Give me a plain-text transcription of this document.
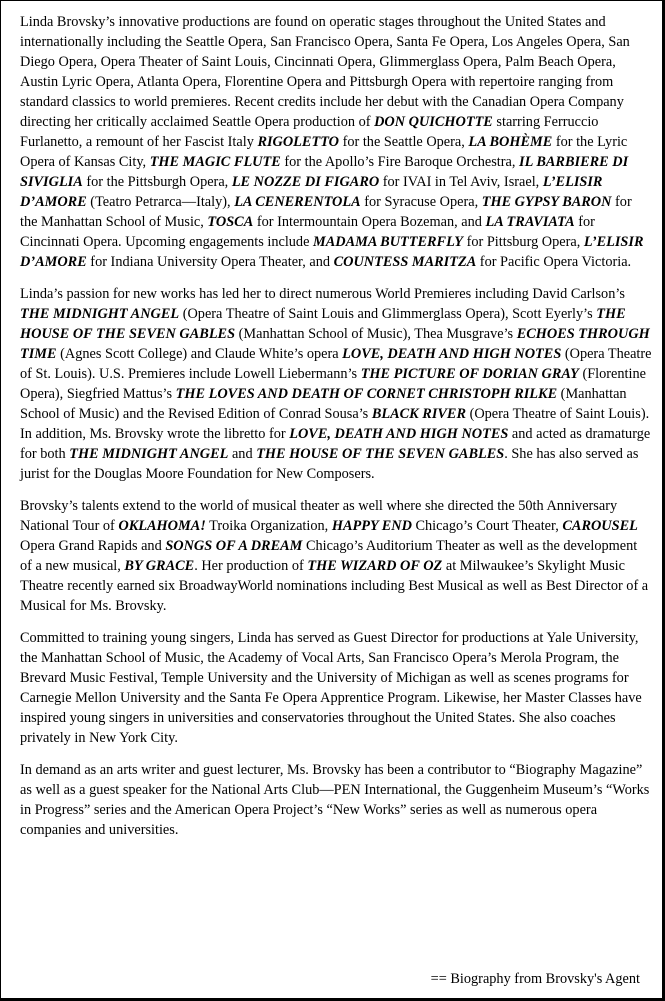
Linda Brovsky’s innovative productions are found on operatic stages throughout the United States and internationally including the Seattle Opera, San Francisco Opera, Santa Fe Opera, Los Angeles Opera, San Diego Opera, Opera Theater of Saint Louis, Cincinnati Opera, Glimmerglass Opera, Palm Beach Opera, Austin Lyric Opera, Atlanta Opera, Florentine Opera and Pittsburgh Opera with repertoire ranging from standard classics to world premieres. Recent credits include her debut with the Canadian Opera Company directing her critically acclaimed Seattle Opera production of DON QUICHOTTE starring Ferruccio Furlanetto, a remount of her Fascist Italy RIGOLETTO for the Seattle Opera, LA BOHÈME for the Lyric Opera of Kansas City, THE MAGIC FLUTE for the Apollo’s Fire Baroque Orchestra, IL BARBIERE DI SIVIGLIA for the Pittsburgh Opera, LE NOZZE DI FIGARO for IVAI in Tel Aviv, Israel, L’ELISIR D’AMORE (Teatro Petrarca—Italy), LA CENERENTOLA for Syracuse Opera, THE GYPSY BARON for the Manhattan School of Music, TOSCA for Intermountain Opera Bozeman, and LA TRAVIATA for Cincinnati Opera. Upcoming engagements include MADAMA BUTTERFLY for Pittsburg Opera, L’ELISIR D’AMORE for Indiana University Opera Theater, and COUNTESS MARITZA for Pacific Opera Victoria.

Linda’s passion for new works has led her to direct numerous World Premieres including David Carlson’s THE MIDNIGHT ANGEL (Opera Theatre of Saint Louis and Glimmerglass Opera), Scott Eyerly’s THE HOUSE OF THE SEVEN GABLES (Manhattan School of Music), Thea Musgrave’s ECHOES THROUGH TIME (Agnes Scott College) and Claude White’s opera LOVE, DEATH AND HIGH NOTES (Opera Theatre of St. Louis). U.S. Premieres include Lowell Liebermann’s THE PICTURE OF DORIAN GRAY (Florentine Opera), Siegfried Mattus’s THE LOVES AND DEATH OF CORNET CHRISTOPH RILKE (Manhattan School of Music) and the Revised Edition of Conrad Sousa’s BLACK RIVER (Opera Theatre of Saint Louis). In addition, Ms. Brovsky wrote the libretto for LOVE, DEATH AND HIGH NOTES and acted as dramaturge for both THE MIDNIGHT ANGEL and THE HOUSE OF THE SEVEN GABLES. She has also served as jurist for the Douglas Moore Foundation for New Composers.

Brovsky’s talents extend to the world of musical theater as well where she directed the 50th Anniversary National Tour of OKLAHOMA! Troika Organization, HAPPY END Chicago’s Court Theater, CAROUSEL Opera Grand Rapids and SONGS OF A DREAM Chicago’s Auditorium Theater as well as the development of a new musical, BY GRACE. Her production of THE WIZARD OF OZ at Milwaukee’s Skylight Music Theatre recently earned six BroadwayWorld nominations including Best Musical as well as Best Director of a Musical for Ms. Brovsky.

Committed to training young singers, Linda has served as Guest Director for productions at Yale University, the Manhattan School of Music, the Academy of Vocal Arts, San Francisco Opera’s Merola Program, the Brevard Music Festival, Temple University and the University of Michigan as well as scenes programs for Carnegie Mellon University and the Santa Fe Opera Apprentice Program. Likewise, her Master Classes have inspired young singers in universities and conservatories throughout the United States. She also coaches privately in New York City.

In demand as an arts writer and guest lecturer, Ms. Brovsky has been a contributor to “Biography Magazine” as well as a guest speaker for the National Arts Club—PEN International, the Guggenheim Museum’s “Works in Progress” series and the American Opera Project’s “New Works” series as well as numerous opera companies and universities.

== Biography from Brovsky's Agent
